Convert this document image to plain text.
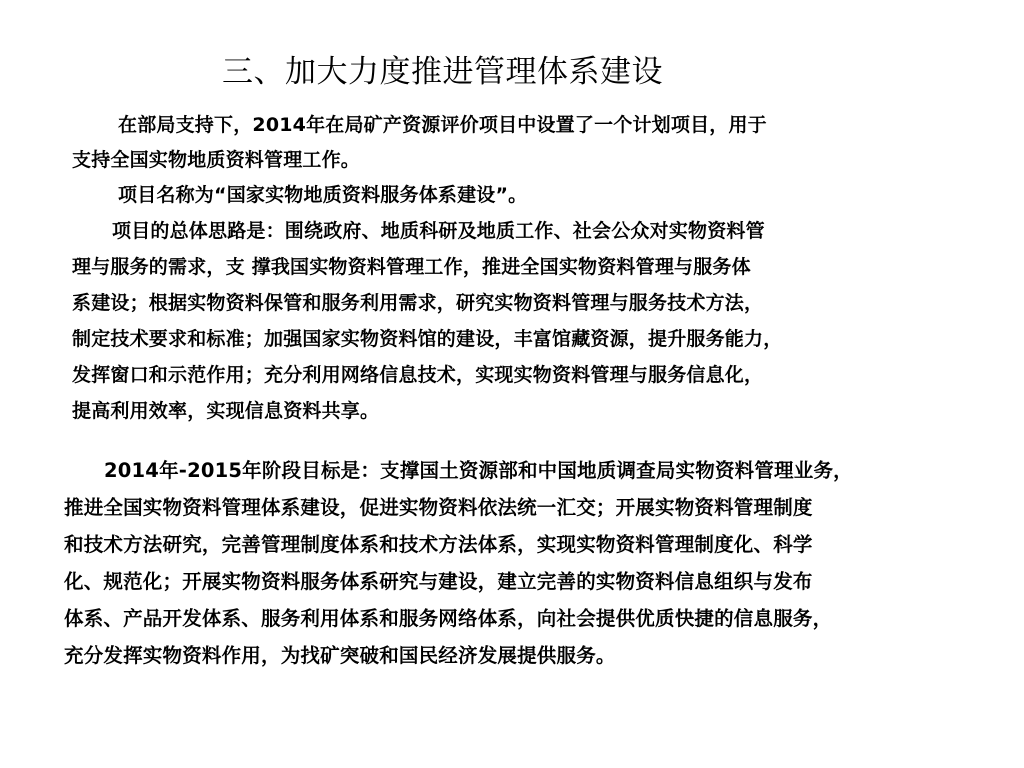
三、加大力度推进管理体系建设
在部局支持下，2014年在局矿产资源评价项目中设置了一个计划项目，用于
支持全国实物地质资料管理工作。
项目名称为“国家实物地质资料服务体系建设”。
项目的总体思路是：围绕政府、地质科研及地质工作、社会公众对实物资料管
理与服务的需求，支 撑我国实物资料管理工作，推进全国实物资料管理与服务体
系建设；根据实物资料保管和服务利用需求，研究实物资料管理与服务技术方法，
制定技术要求和标准；加强国家实物资料馆的建设，丰富馆藏资源，提升服务能力，
发挥窗口和示范作用；充分利用网络信息技术，实现实物资料管理与服务信息化，
提高利用效率，实现信息资料共享。
2014年-2015年阶段目标是：支撑国土资源部和中国地质调查局实物资料管理业务，
推进全国实物资料管理体系建设，促进实物资料依法统一汇交；开展实物资料管理制度
和技术方法研究，完善管理制度体系和技术方法体系，实现实物资料管理制度化、科学
化、规范化；开展实物资料服务体系研究与建设，建立完善的实物资料信息组织与发布
体系、产品开发体系、服务利用体系和服务网络体系，向社会提供优质快捷的信息服务，
充分发挥实物资料作用，为找矿突破和国民经济发展提供服务。
